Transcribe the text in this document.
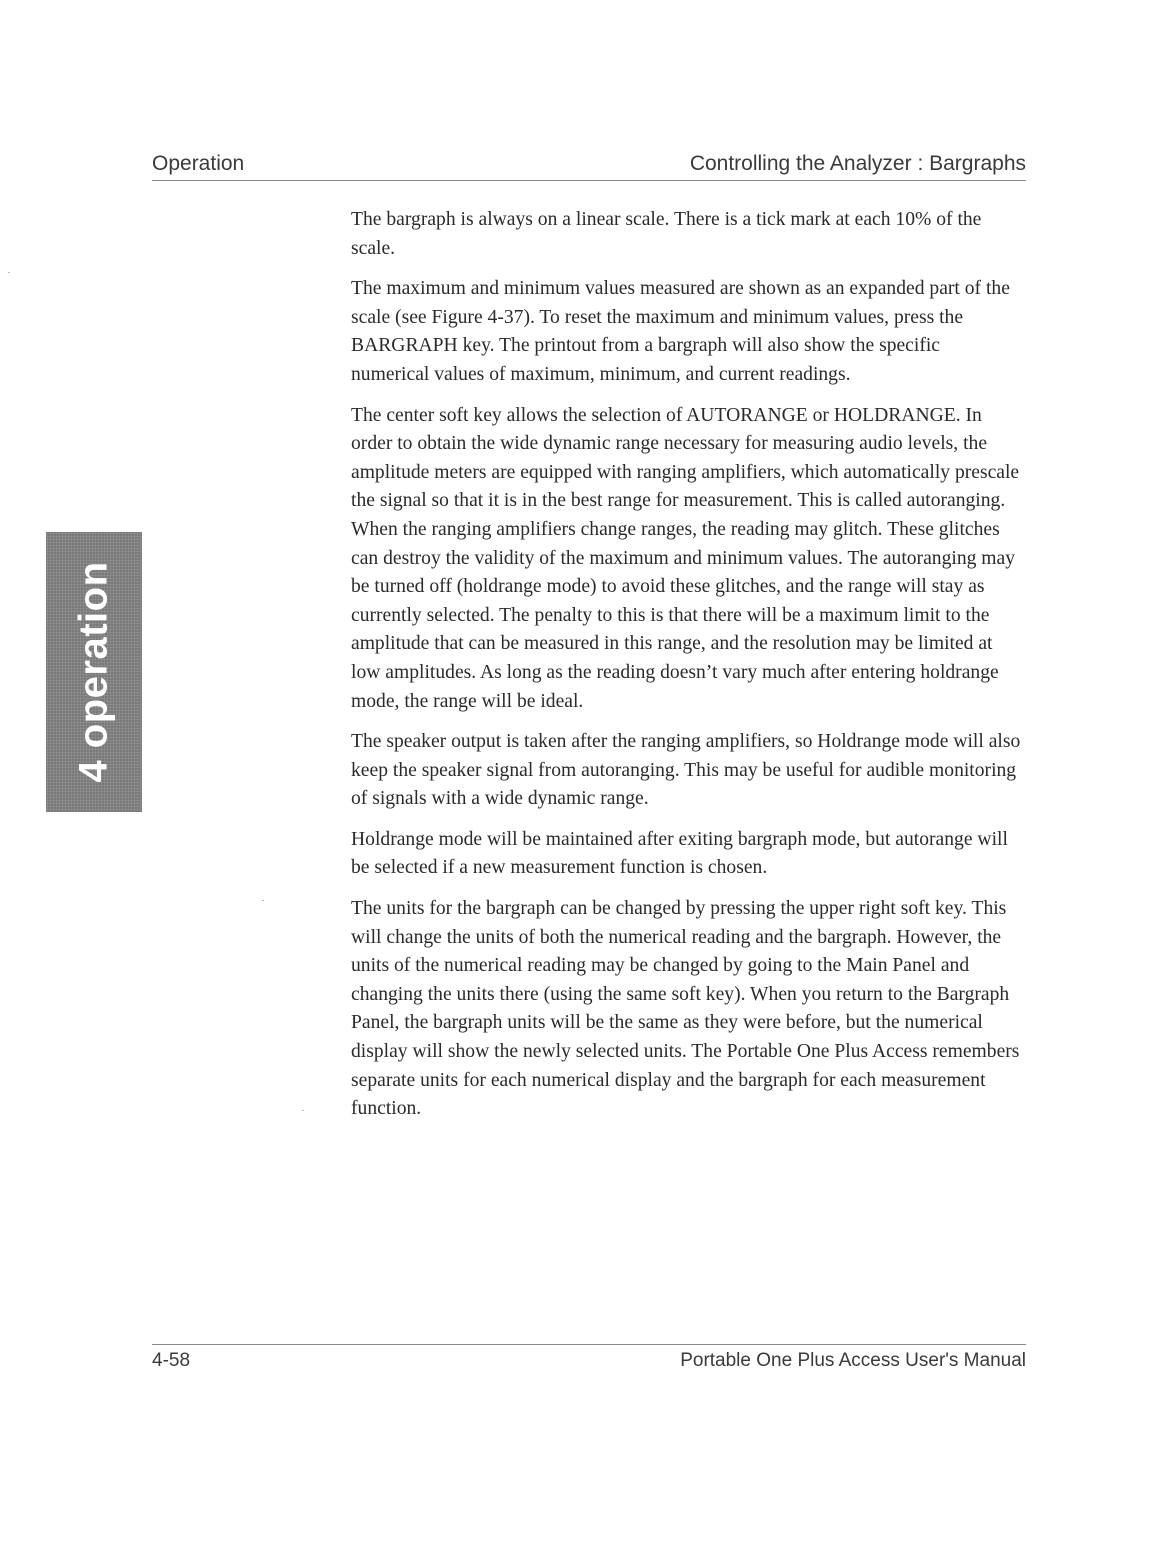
Operation	Controlling the Analyzer : Bargraphs
4 operation

The bargraph is always on a linear scale. There is a tick mark at each 10% of the scale.

The maximum and minimum values measured are shown as an expanded part of the scale (see Figure 4-37). To reset the maximum and minimum values, press the BARGRAPH key. The printout from a bargraph will also show the specific numerical values of maximum, minimum, and current readings.

The center soft key allows the selection of AUTORANGE or HOLDRANGE. In order to obtain the wide dynamic range necessary for measuring audio levels, the amplitude meters are equipped with ranging amplifiers, which automatically prescale the signal so that it is in the best range for measurement. This is called autoranging. When the ranging amplifiers change ranges, the reading may glitch. These glitches can destroy the validity of the maximum and minimum values. The autoranging may be turned off (holdrange mode) to avoid these glitches, and the range will stay as currently selected. The penalty to this is that there will be a maximum limit to the amplitude that can be measured in this range, and the resolution may be limited at low amplitudes. As long as the reading doesn’t vary much after entering holdrange mode, the range will be ideal.

The speaker output is taken after the ranging amplifiers, so Holdrange mode will also keep the speaker signal from autoranging. This may be useful for audible monitoring of signals with a wide dynamic range.

Holdrange mode will be maintained after exiting bargraph mode, but autorange will be selected if a new measurement function is chosen.

The units for the bargraph can be changed by pressing the upper right soft key. This will change the units of both the numerical reading and the bargraph. However, the units of the numerical reading may be changed by going to the Main Panel and changing the units there (using the same soft key). When you return to the Bargraph Panel, the bargraph units will be the same as they were before, but the numerical display will show the newly selected units. The Portable One Plus Access remembers separate units for each numerical display and the bargraph for each measurement function.

4-58	Portable One Plus Access User's Manual
